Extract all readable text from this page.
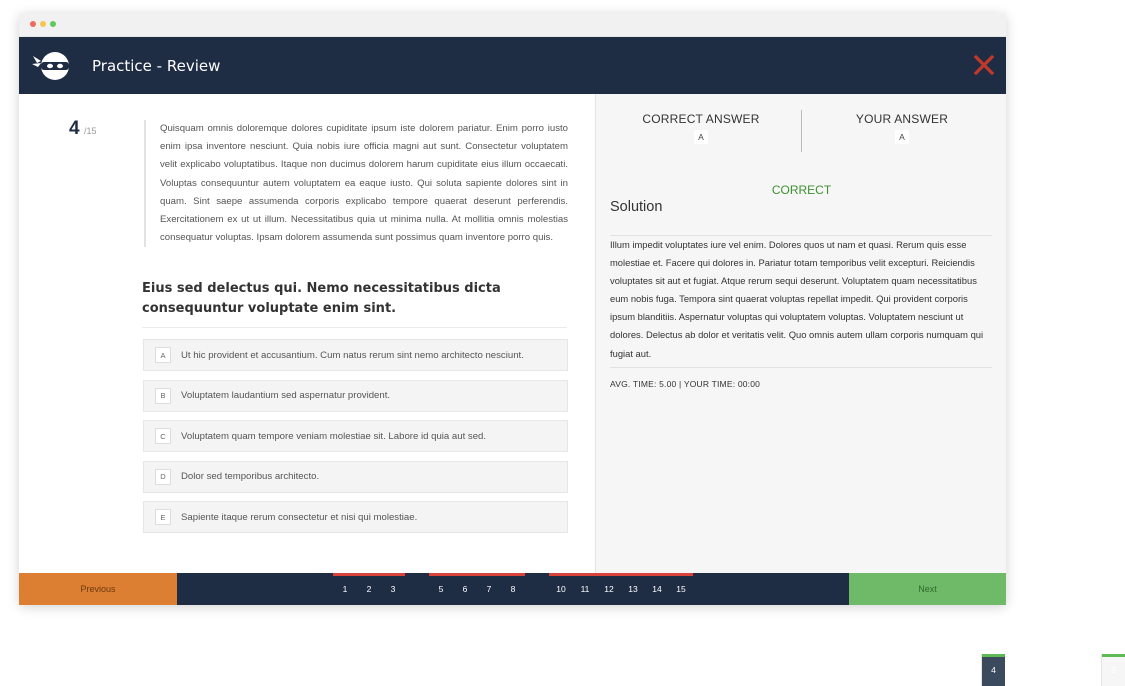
Practice - Review
4 /15	Quisquam omnis doloremque dolores cupiditate ipsum iste dolorem pariatur. Enim porro iusto enim ipsa inventore nesciunt. Quia nobis iure officia magni aut sunt. Consectetur voluptatem velit explicabo voluptatibus. Itaque non ducimus dolorem harum cupiditate eius illum occaecati. Voluptas consequuntur autem voluptatem ea eaque iusto. Qui soluta sapiente dolores sint in quam. Sint saepe assumenda corporis explicabo tempore quaerat deserunt perferendis. Exercitationem ex ut ut illum. Necessitatibus quia ut minima nulla. At mollitia omnis molestias consequatur voluptas. Ipsam dolorem assumenda sunt possimus quam inventore porro quis.
Eius sed delectus qui. Nemo necessitatibus dicta consequuntur voluptate enim sint.
A	Ut hic provident et accusantium. Cum natus rerum sint nemo architecto nesciunt.
B	Voluptatem laudantium sed aspernatur provident.
C	Voluptatem quam tempore veniam molestiae sit. Labore id quia aut sed.
D	Dolor sed temporibus architecto.
E	Sapiente itaque rerum consectetur et nisi qui molestiae.
CORRECT ANSWER
A
YOUR ANSWER
A
CORRECT
Solution
Illum impedit voluptates iure vel enim. Dolores quos ut nam et quasi. Rerum quis esse molestiae et. Facere qui dolores in. Pariatur totam temporibus velit excepturi. Reiciendis voluptates sit aut et fugiat. Atque rerum sequi deserunt. Voluptatem quam necessitatibus eum nobis fuga. Tempora sint quaerat voluptas repellat impedit. Qui provident corporis ipsum blanditiis. Aspernatur voluptas qui voluptatem voluptas. Voluptatem nesciunt ut dolores. Delectus ab dolor et veritatis velit. Quo omnis autem ullam corporis numquam qui fugiat aut.
AVG. TIME: 5.00 | YOUR TIME: 00:00
Previous	1	2	3
4
5	6	7	8
9
10	11	12	13	14	15	Next
